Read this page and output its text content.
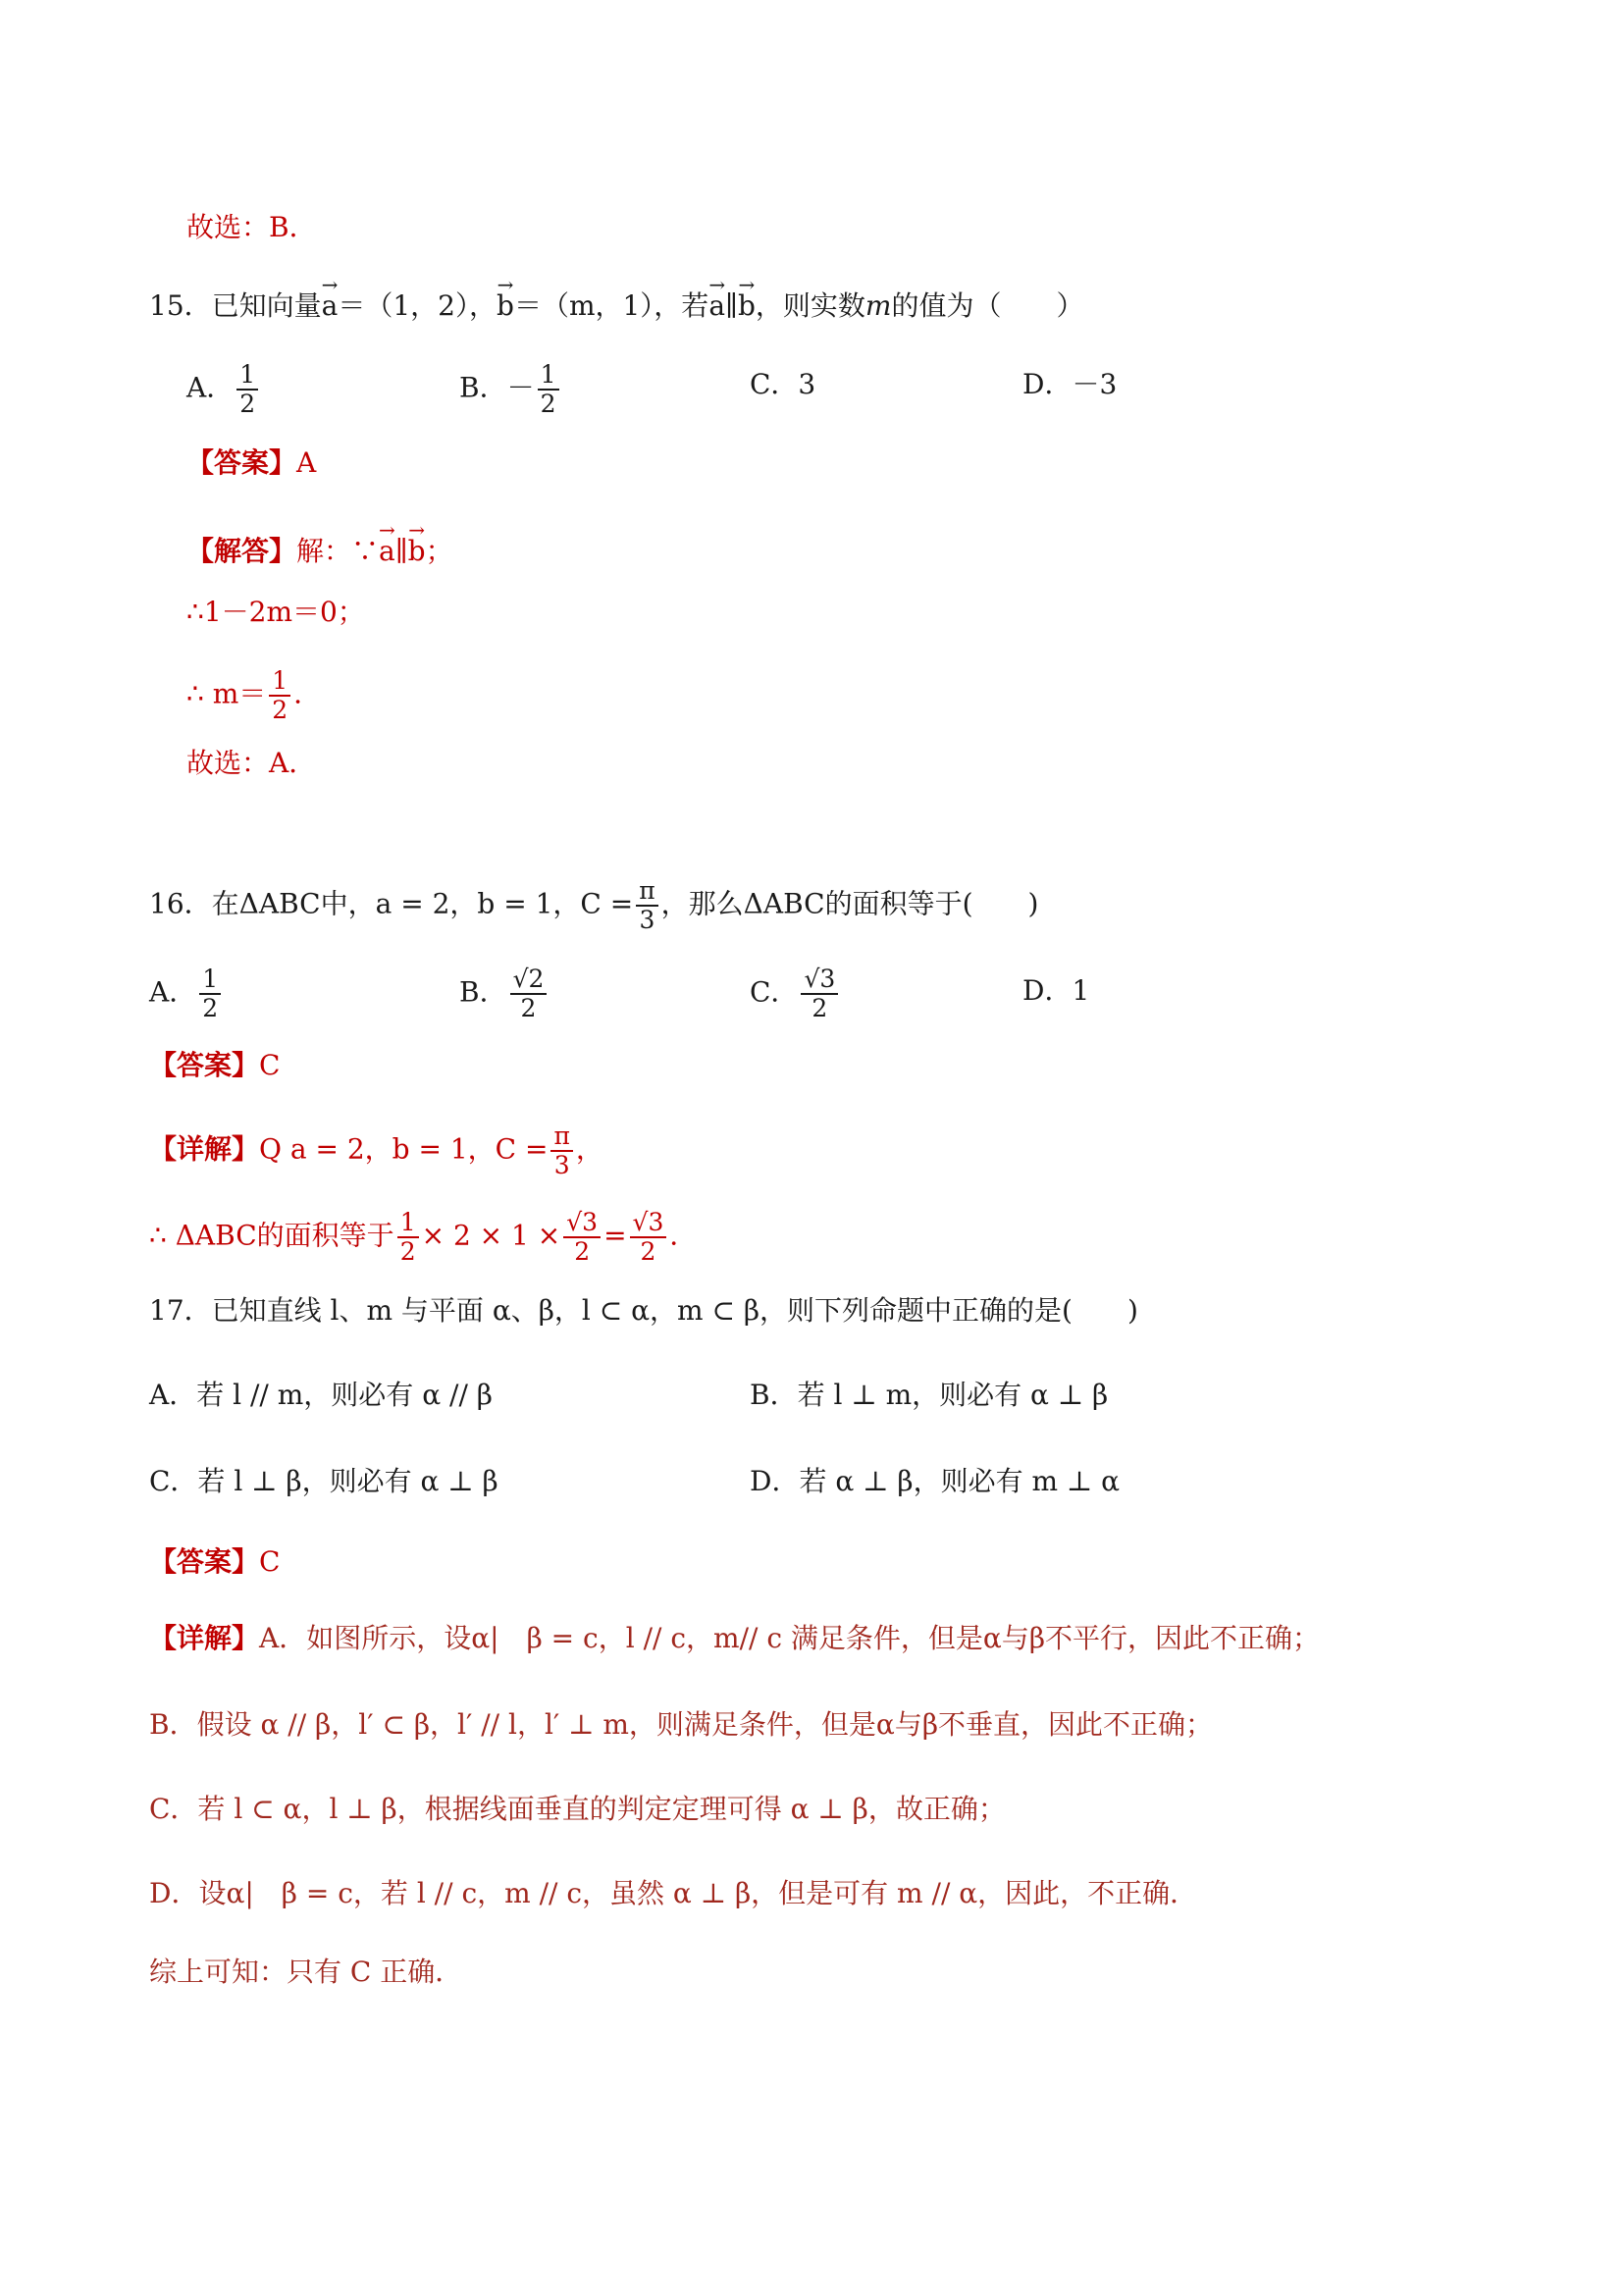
故选：B．
15．已知向量→ a＝（1，2），→ b＝（m，1），若→ a∥→ b，则实数m的值为（　　）
A． $\frac{1}{2}$	B．－ $\frac{1}{2}$	C．3	D．－3
【答案】A
【解答】解：∵→ a∥→ b；
∴1－2m＝0；
∴ $m= \frac{1}{2}$ ．
故选：A．
16．在ΔABC中，a = 2，b = 1，$C = \frac{\pi}{3}$ ，那么ΔABC的面积等于(　　)
A． $\frac{1}{2}$	B． $\frac{√2}{2}$	C． $\frac{√3}{2}$	D．1
【答案】C
【详解】Q a = 2，b = 1，$C = \frac{\pi}{3}$ ，
∴ ΔABC的面积等于 $\frac{1}{2} \times 2 \times 1 \times \frac{√3}{2} = \frac{√3}{2}$ ．
17．已知直线 l、m 与平面 α、β，l ⊂ α，m ⊂ β，则下列命题中正确的是(　　)
A．若 l // m，则必有 α // β	B．若 l ⊥ m，则必有 α ⊥ β
C．若 l ⊥ β，则必有 α ⊥ β	D．若 α ⊥ β，则必有 m ⊥ α
【答案】C
【详解】A．如图所示，设α|　β = c，l // c，m// c 满足条件，但是α与β不平行，因此不正确；
B．假设 α // β，l′ ⊂ β，l′ // l，l′ ⊥ m，则满足条件，但是α与β不垂直，因此不正确；
C．若 l ⊂ α，l ⊥ β，根据线面垂直的判定定理可得 α ⊥ β，故正确；
D．设α|　β = c，若 l // c，m // c，虽然 α ⊥ β，但是可有 m // α，因此，不正确．
综上可知：只有 C 正确．
